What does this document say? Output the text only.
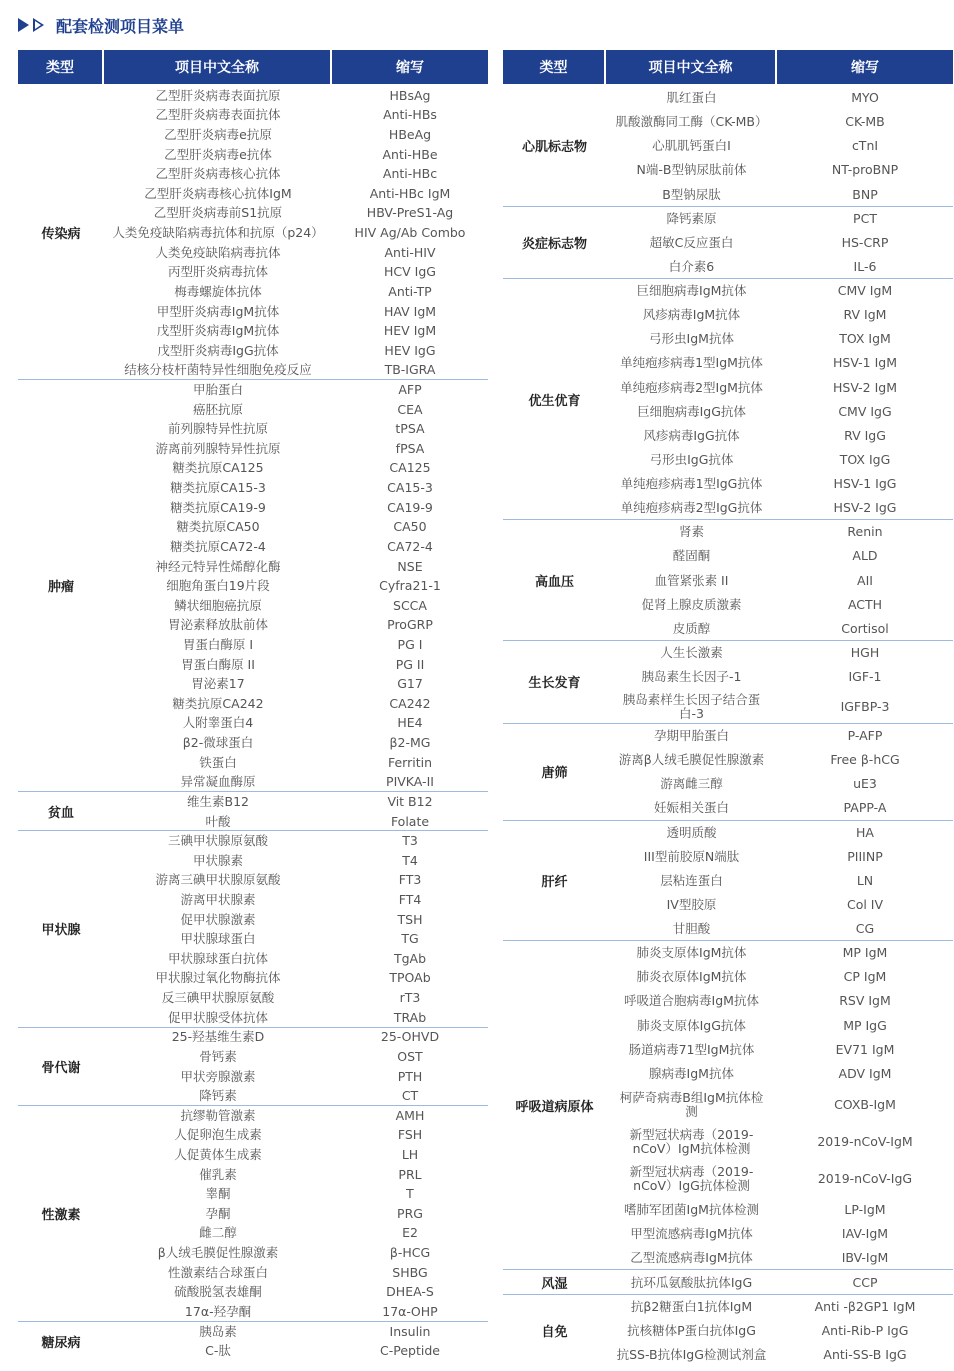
配套检测项目菜单
类型	项目中文全称	缩写
传染病
乙型肝炎病毒表面抗原	HBsAg
乙型肝炎病毒表面抗体	Anti-HBs
乙型肝炎病毒e抗原	HBeAg
乙型肝炎病毒e抗体	Anti-HBe
乙型肝炎病毒核心抗体	Anti-HBc
乙型肝炎病毒核心抗体IgM	Anti-HBc IgM
乙型肝炎病毒前S1抗原	HBV-PreS1-Ag
人类免疫缺陷病毒抗体和抗原（p24）	HIV Ag/Ab Combo
人类免疫缺陷病毒抗体	Anti-HIV
丙型肝炎病毒抗体	HCV IgG
梅毒螺旋体抗体	Anti-TP
甲型肝炎病毒IgM抗体	HAV IgM
戊型肝炎病毒IgM抗体	HEV IgM
戊型肝炎病毒IgG抗体	HEV IgG
结核分枝杆菌特异性细胞免疫反应	TB-IGRA
肿瘤
甲胎蛋白	AFP
癌胚抗原	CEA
前列腺特异性抗原	tPSA
游离前列腺特异性抗原	fPSA
糖类抗原CA125	CA125
糖类抗原CA15-3	CA15-3
糖类抗原CA19-9	CA19-9
糖类抗原CA50	CA50
糖类抗原CA72-4	CA72-4
神经元特异性烯醇化酶	NSE
细胞角蛋白19片段	Cyfra21-1
鳞状细胞癌抗原	SCCA
胃泌素释放肽前体	ProGRP
胃蛋白酶原 I	PG I
胃蛋白酶原 II	PG II
胃泌素17	G17
糖类抗原CA242	CA242
人附睾蛋白4	HE4
β2-微球蛋白	β2-MG
铁蛋白	Ferritin
异常凝血酶原	PIVKA-II
贫血
维生素B12	Vit B12
叶酸	Folate
甲状腺
三碘甲状腺原氨酸	T3
甲状腺素	T4
游离三碘甲状腺原氨酸	FT3
游离甲状腺素	FT4
促甲状腺激素	TSH
甲状腺球蛋白	TG
甲状腺球蛋白抗体	TgAb
甲状腺过氧化物酶抗体	TPOAb
反三碘甲状腺原氨酸	rT3
促甲状腺受体抗体	TRAb
骨代谢
25-羟基维生素D	25-OHVD
骨钙素	OST
甲状旁腺激素	PTH
降钙素	CT
性激素
抗缪勒管激素	AMH
人促卵泡生成素	FSH
人促黄体生成素	LH
催乳素	PRL
睾酮	T
孕酮	PRG
雌二醇	E2
β人绒毛膜促性腺激素	β-HCG
性激素结合球蛋白	SHBG
硫酸脱氢表雄酮	DHEA-S
17α-羟孕酮	17α-OHP
糖尿病
胰岛素	Insulin
C-肽	C-Peptide
类型	项目中文全称	缩写
心肌标志物
肌红蛋白	MYO
肌酸激酶同工酶（CK-MB）	CK-MB
心肌肌钙蛋白I	cTnI
N端-B型钠尿肽前体	NT-proBNP
B型钠尿肽	BNP
炎症标志物
降钙素原	PCT
超敏C反应蛋白	HS-CRP
白介素6	IL-6
优生优育
巨细胞病毒IgM抗体	CMV IgM
风疹病毒IgM抗体	RV IgM
弓形虫IgM抗体	TOX IgM
单纯疱疹病毒1型IgM抗体	HSV-1 IgM
单纯疱疹病毒2型IgM抗体	HSV-2 IgM
巨细胞病毒IgG抗体	CMV IgG
风疹病毒IgG抗体	RV IgG
弓形虫IgG抗体	TOX IgG
单纯疱疹病毒1型IgG抗体	HSV-1 IgG
单纯疱疹病毒2型IgG抗体	HSV-2 IgG
高血压
肾素	Renin
醛固酮	ALD
血管紧张素 II	AII
促肾上腺皮质激素	ACTH
皮质醇	Cortisol
生长发育
人生长激素	HGH
胰岛素生长因子-1	IGF-1
胰岛素样生长因子结合蛋白-3	IGFBP-3
唐筛
孕期甲胎蛋白	P-AFP
游离β人绒毛膜促性腺激素	Free β-hCG
游离雌三醇	uE3
妊娠相关蛋白	PAPP-A
肝纤
透明质酸	HA
III型前胶原N端肽	PIIINP
层粘连蛋白	LN
IV型胶原	Col IV
甘胆酸	CG
呼吸道病原体
肺炎支原体IgM抗体	MP IgM
肺炎衣原体IgM抗体	CP IgM
呼吸道合胞病毒IgM抗体	RSV IgM
肺炎支原体IgG抗体	MP IgG
肠道病毒71型IgM抗体	EV71 IgM
腺病毒IgM抗体	ADV IgM
柯萨奇病毒B组IgM抗体检测	COXB-IgM
新型冠状病毒（2019-nCoV）IgM抗体检测	2019-nCoV-IgM
新型冠状病毒（2019-nCoV）IgG抗体检测	2019-nCoV-IgG
嗜肺军团菌IgM抗体检测	LP-IgM
甲型流感病毒IgM抗体	IAV-IgM
乙型流感病毒IgM抗体	IBV-IgM
风湿	抗环瓜氨酸肽抗体IgG	CCP
自免
抗β2糖蛋白1抗体IgM	Anti -β2GP1 IgM
抗核糖体P蛋白抗体IgG	Anti-Rib-P IgG
抗SS-B抗体IgG检测试剂盒	Anti-SS-B IgG
